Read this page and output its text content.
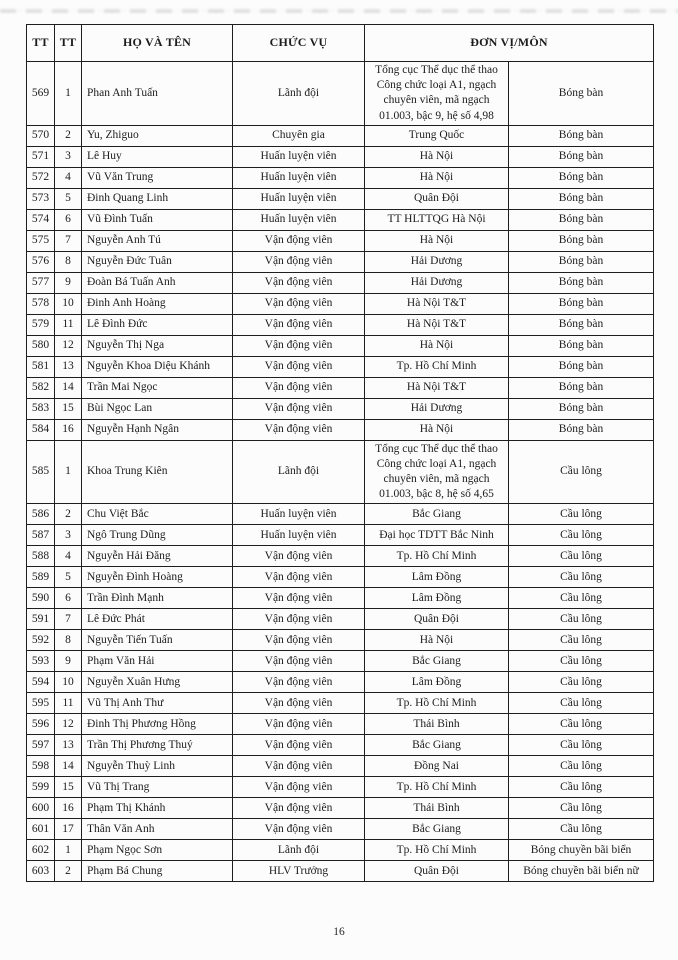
TT	TT	HỌ VÀ TÊN	CHỨC VỤ	ĐƠN VỊ/MÔN	
569	1	Phan Anh Tuấn	Lãnh đội	Tổng cục Thể dục thể thao Công chức loại A1, ngạch chuyên viên, mã ngạch 01.003, bậc 9, hệ số 4,98	Bóng bàn
570	2	Yu, Zhiguo	Chuyên gia	Trung Quốc	Bóng bàn
571	3	Lê Huy	Huấn luyện viên	Hà Nội	Bóng bàn
572	4	Vũ Văn Trung	Huấn luyện viên	Hà Nội	Bóng bàn
573	5	Đinh Quang Linh	Huấn luyện viên	Quân Đội	Bóng bàn
574	6	Vũ Đình Tuấn	Huấn luyện viên	TT HLTTQG Hà Nội	Bóng bàn
575	7	Nguyễn Anh Tú	Vận động viên	Hà Nội	Bóng bàn
576	8	Nguyễn Đức Tuân	Vận động viên	Hải Dương	Bóng bàn
577	9	Đoàn Bá Tuấn Anh	Vận động viên	Hải Dương	Bóng bàn
578	10	Đinh Anh Hoàng	Vận động viên	Hà Nội T&T	Bóng bàn
579	11	Lê Đình Đức	Vận động viên	Hà Nội T&T	Bóng bàn
580	12	Nguyễn Thị Nga	Vận động viên	Hà Nội	Bóng bàn
581	13	Nguyễn Khoa Diệu Khánh	Vận động viên	Tp. Hồ Chí Minh	Bóng bàn
582	14	Trần Mai Ngọc	Vận động viên	Hà Nội T&T	Bóng bàn
583	15	Bùi Ngọc Lan	Vận động viên	Hải Dương	Bóng bàn
584	16	Nguyễn Hạnh Ngân	Vận động viên	Hà Nội	Bóng bàn
585	1	Khoa Trung Kiên	Lãnh đội	Tổng cục Thể dục thể thao Công chức loại A1, ngạch chuyên viên, mã ngạch 01.003, bậc 8, hệ số 4,65	Cầu lông
586	2	Chu Việt Bắc	Huấn luyện viên	Bắc Giang	Cầu lông
587	3	Ngô Trung Dũng	Huấn luyện viên	Đại học TDTT Bắc Ninh	Cầu lông
588	4	Nguyễn Hải Đăng	Vận động viên	Tp. Hồ Chí Minh	Cầu lông
589	5	Nguyễn Đình Hoàng	Vận động viên	Lâm Đồng	Cầu lông
590	6	Trần Đình Mạnh	Vận động viên	Lâm Đồng	Cầu lông
591	7	Lê Đức Phát	Vận động viên	Quân Đội	Cầu lông
592	8	Nguyễn Tiến Tuấn	Vận động viên	Hà Nội	Cầu lông
593	9	Phạm Văn Hải	Vận động viên	Bắc Giang	Cầu lông
594	10	Nguyễn Xuân Hưng	Vận động viên	Lâm Đồng	Cầu lông
595	11	Vũ Thị Anh Thư	Vận động viên	Tp. Hồ Chí Minh	Cầu lông
596	12	Đinh Thị Phương Hồng	Vận động viên	Thái Bình	Cầu lông
597	13	Trần Thị Phương Thuý	Vận động viên	Bắc Giang	Cầu lông
598	14	Nguyễn Thuỳ Linh	Vận động viên	Đồng Nai	Cầu lông
599	15	Vũ Thị Trang	Vận động viên	Tp. Hồ Chí Minh	Cầu lông
600	16	Phạm Thị Khánh	Vận động viên	Thái Bình	Cầu lông
601	17	Thân Văn Anh	Vận động viên	Bắc Giang	Cầu lông
602	1	Phạm Ngọc Sơn	Lãnh đội	Tp. Hồ Chí Minh	Bóng chuyền bãi biển
603	2	Phạm Bá Chung	HLV Trưởng	Quân Đội	Bóng chuyền bãi biển nữ
16
